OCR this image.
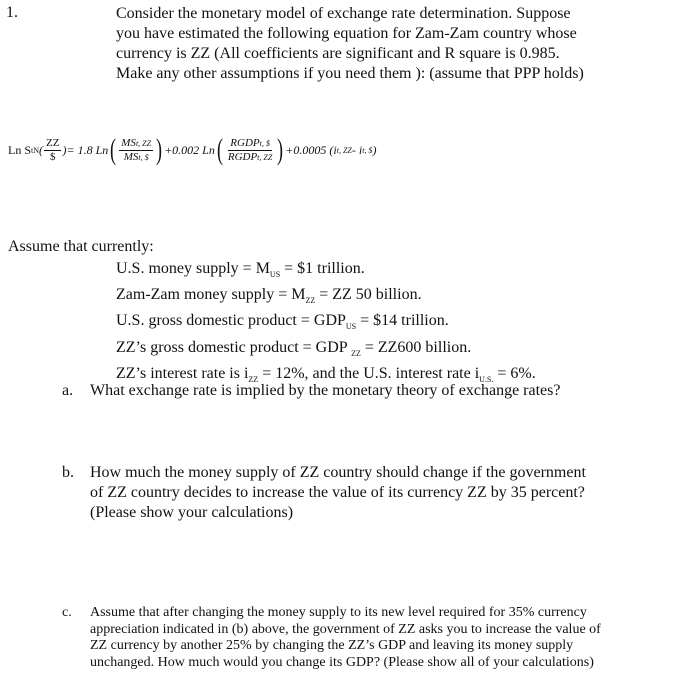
1.	Consider the monetary model of exchange rate determination. Suppose
you have estimated the following equation for Zam-Zam country whose
currency is ZZ (All coefficients are significant and R square is 0.985.
Make any other assumptions if you need them ): (assume that PPP holds)
Ln S t N ( $\frac{ZZ}{\$}$ )= 1.8 Ln ( $\frac{\text{MSt, ZZ}}{\text{MSt, \$}}$ ) +0.002 Ln ( $\frac{\text{RGDPt, \$}}{\text{RGDPt, ZZ}}$ ) +0.0005 (i t, ZZ - i t, $ )
Assume that currently:
U.S. money supply = $M_{US}$ = $1 trillion.
Zam-Zam money supply = $M_{ZZ}$ = ZZ 50 billion.
U.S. gross domestic product = $GDP_{US}$ = $14 trillion.
ZZ’s gross domestic product = GDP $_{ZZ}$ = ZZ600 billion.
ZZ’s interest rate is $i_{ZZ} = 12\%$, and the U.S. interest rate $i_{U.S.} = 6\%$.
a. What exchange rate is implied by the monetary theory of exchange rates?
b. How much the money supply of ZZ country should change if the government
of ZZ country decides to increase the value of its currency ZZ by 35 percent?
(Please show your calculations)
c. Assume that after changing the money supply to its new level required for 35% currency
appreciation indicated in (b) above, the government of ZZ asks you to increase the value of
ZZ currency by another 25% by changing the ZZ’s GDP and leaving its money supply
unchanged. How much would you change its GDP? (Please show all of your calculations)
